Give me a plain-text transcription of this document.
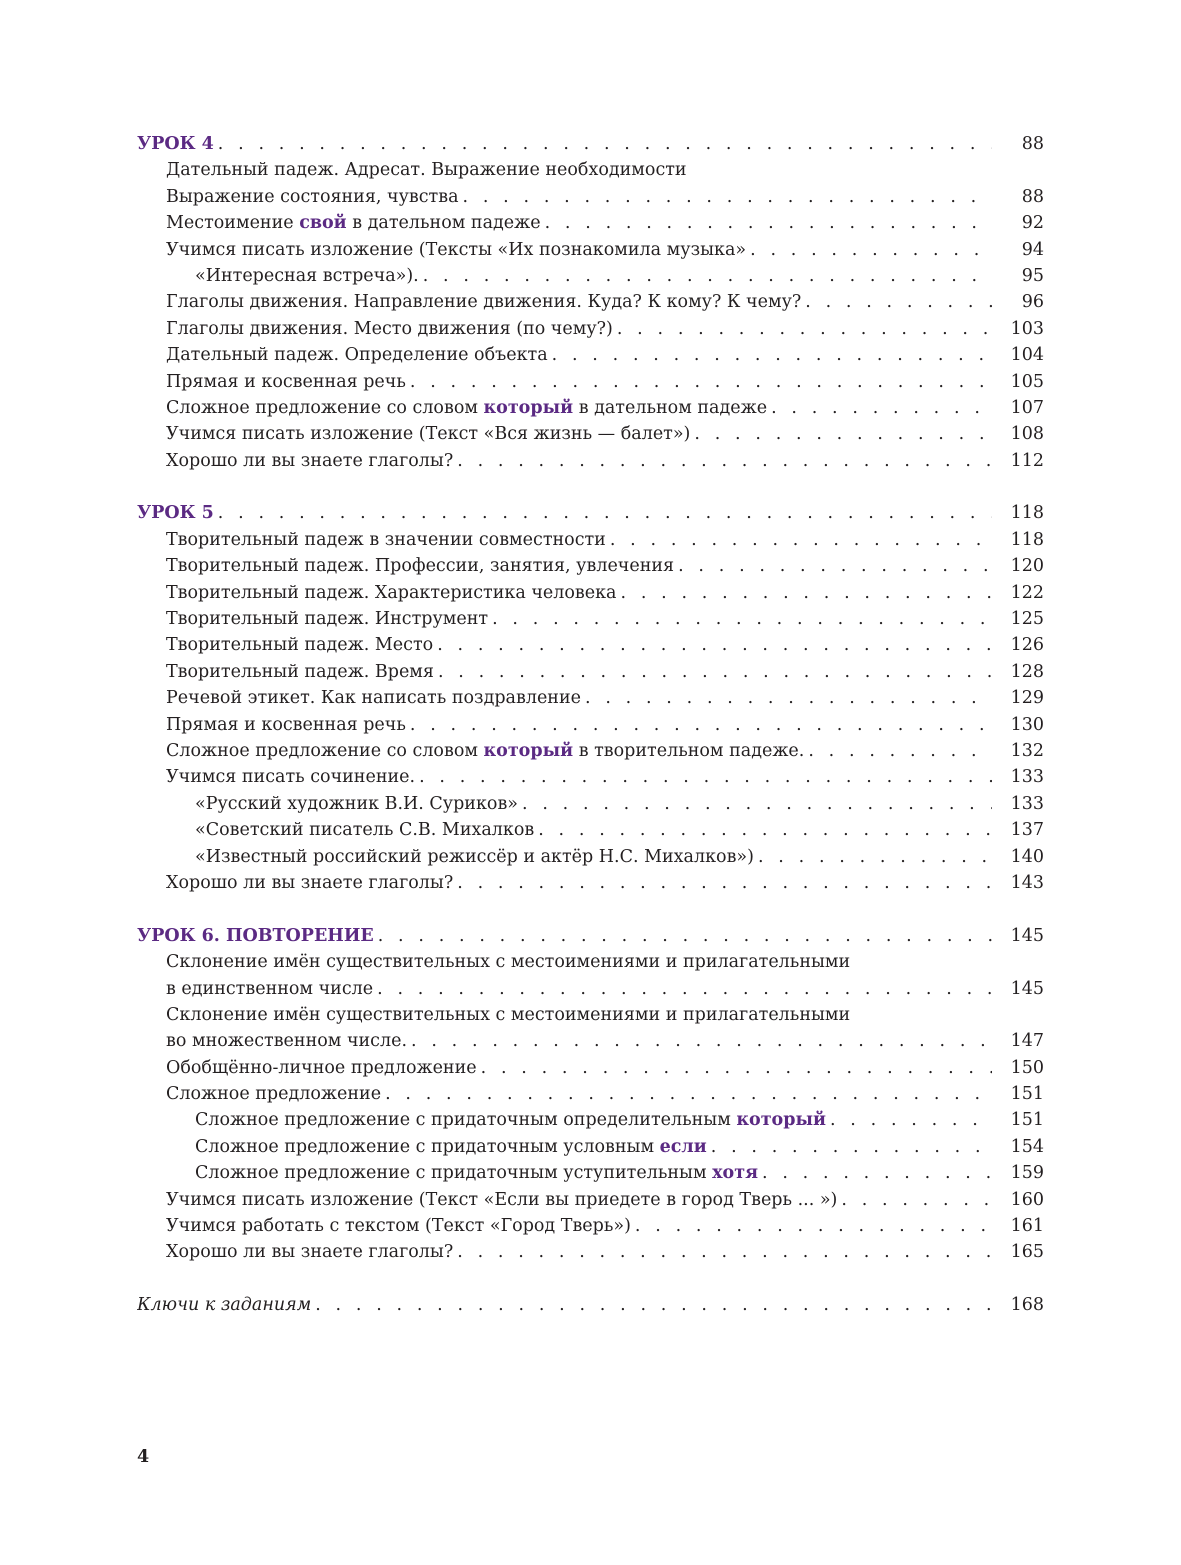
УРОК 4 . . .	88
Дательный падеж. Адресат. Выражение необходимости
Выражение состояния, чувства . . .	88
Местоимение свой в дательном падеже . . .	92
Учимся писать изложение (Тексты «Их познакомила музыка» . . .	94
«Интересная встреча»). . . .	95
Глаголы движения. Направление движения. Куда? К кому? К чему? . . .	96
Глаголы движения. Место движения (по чему?) . . .	103
Дательный падеж. Определение объекта . . .	104
Прямая и косвенная речь . . .	105
Сложное предложение со словом который в дательном падеже . . .	107
Учимся писать изложение (Текст «Вся жизнь — балет») . . .	108
Хорошо ли вы знаете глаголы? . . .	112
УРОК 5 . . .	118
Творительный падеж в значении совместности . . .	118
Творительный падеж. Профессии, занятия, увлечения . . .	120
Творительный падеж. Характеристика человека . . .	122
Творительный падеж. Инструмент . . .	125
Творительный падеж. Место . . .	126
Творительный падеж. Время . . .	128
Речевой этикет. Как написать поздравление . . .	129
Прямая и косвенная речь . . .	130
Сложное предложение со словом который в творительном падеже. . . .	132
Учимся писать сочинение. . . .	133
«Русский художник В.И. Суриков» . . .	133
«Советский писатель С.В. Михалков . . .	137
«Известный российский режиссёр и актёр Н.С. Михалков») . . .	140
Хорошо ли вы знаете глаголы? . . .	143
УРОК 6. ПОВТОРЕНИЕ . . .	145
Склонение имён существительных с местоимениями и прилагательными
в единственном числе . . .	145
Склонение имён существительных с местоимениями и прилагательными
во множественном числе. . . .	147
Обобщённо-личное предложение . . .	150
Сложное предложение . . .	151
Сложное предложение с придаточным определительным который . . .	151
Сложное предложение с придаточным условным если . . .	154
Сложное предложение с придаточным уступительным хотя . . .	159
Учимся писать изложение (Текст «Если вы приедете в город Тверь ... ») . . .	160
Учимся работать с текстом (Текст «Город Тверь») . . .	161
Хорошо ли вы знаете глаголы? . . .	165
Ключи к заданиям . . .	168
4
